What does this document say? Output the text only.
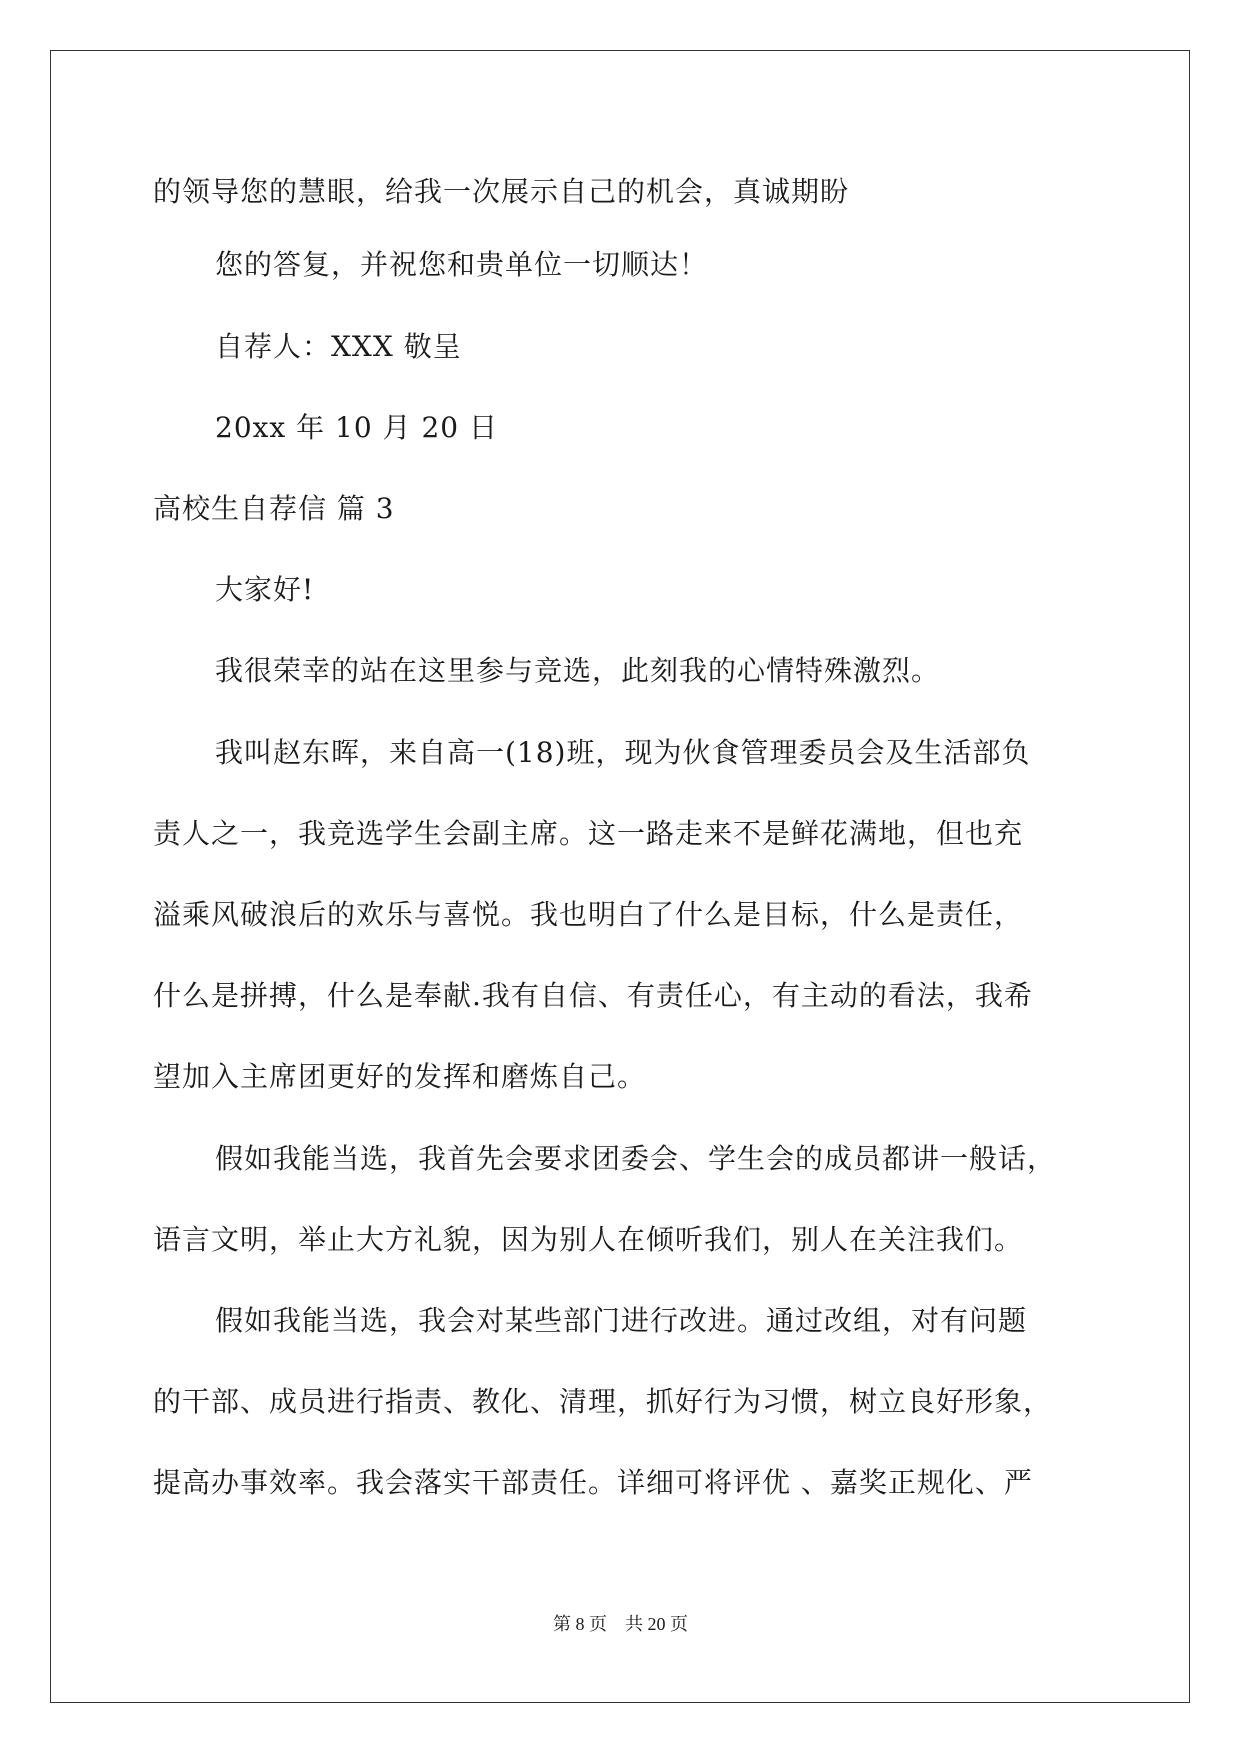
的领导您的慧眼，给我一次展示自己的机会，真诚期盼
您的答复，并祝您和贵单位一切顺达！
自荐人：XXX 敬呈
20xx 年 10 月 20 日
高校生自荐信 篇 3
大家好!
我很荣幸的站在这里参与竞选，此刻我的心情特殊激烈。
我叫赵东晖，来自高一(18)班，现为伙食管理委员会及生活部负
责人之一，我竞选学生会副主席。这一路走来不是鲜花满地，但也充
溢乘风破浪后的欢乐与喜悦。我也明白了什么是目标，什么是责任，
什么是拼搏，什么是奉献.我有自信、有责任心，有主动的看法，我希
望加入主席团更好的发挥和磨炼自己。
假如我能当选，我首先会要求团委会、学生会的成员都讲一般话，
语言文明，举止大方礼貌，因为别人在倾听我们，别人在关注我们。
假如我能当选，我会对某些部门进行改进。通过改组，对有问题
的干部、成员进行指责、教化、清理，抓好行为习惯，树立良好形象，
提高办事效率。我会落实干部责任。详细可将评优 、嘉奖正规化、严
第 8 页　共 20 页
